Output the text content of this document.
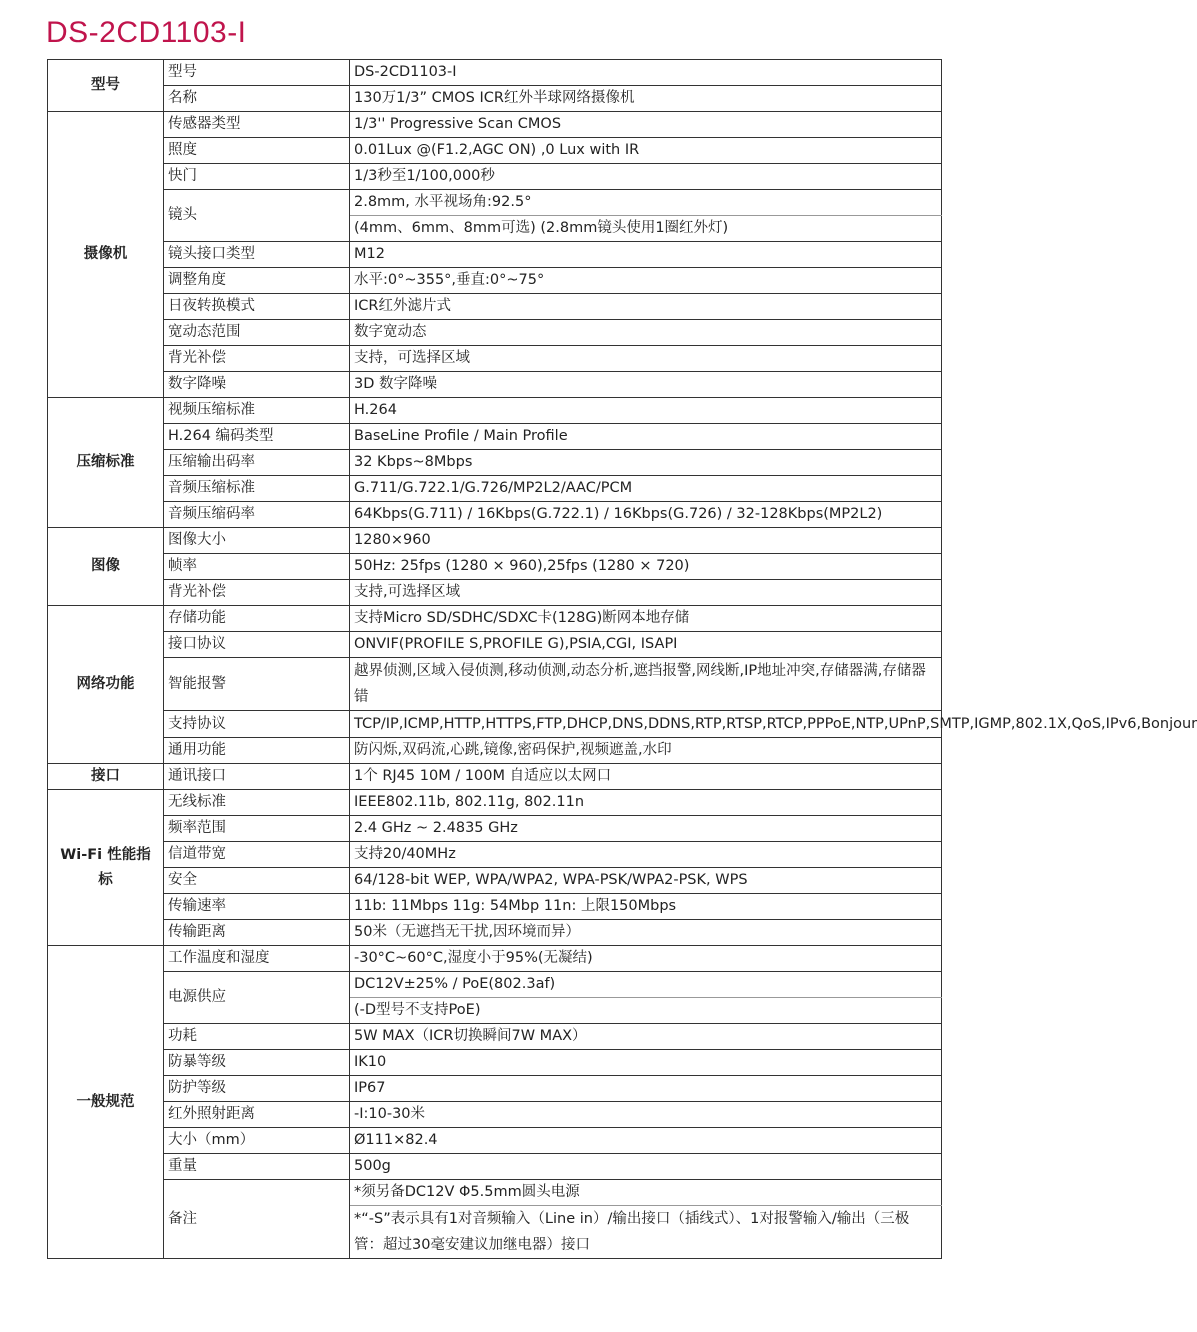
DS-2CD1103-I
型号	型号	DS-2CD1103-I
	名称	130万1/3” CMOS ICR红外半球网络摄像机
摄像机	传感器类型	1/3'' Progressive Scan CMOS
	照度	0.01Lux @(F1.2,AGC ON) ,0 Lux with IR
	快门	1/3秒至1/100,000秒
	镜头	2.8mm, 水平视场角:92.5°
		(4mm、6mm、8mm可选) (2.8mm镜头使用1圈红外灯)
	镜头接口类型	M12
	调整角度	水平:0°~355°,垂直:0°~75°
	日夜转换模式	ICR红外滤片式
	宽动态范围	数字宽动态
	背光补偿	支持，可选择区域
	数字降噪	3D 数字降噪
压缩标准	视频压缩标准	H.264
	H.264 编码类型	BaseLine Profile / Main Profile
	压缩输出码率	32 Kbps~8Mbps
	音频压缩标准	G.711/G.722.1/G.726/MP2L2/AAC/PCM
	音频压缩码率	64Kbps(G.711) / 16Kbps(G.722.1) / 16Kbps(G.726) / 32-128Kbps(MP2L2)
图像	图像大小	1280×960
	帧率	50Hz: 25fps (1280 × 960),25fps (1280 × 720)
	背光补偿	支持,可选择区域
网络功能	存储功能	支持Micro SD/SDHC/SDXC卡(128G)断网本地存储
	接口协议	ONVIF(PROFILE S,PROFILE G),PSIA,CGI, ISAPI
	智能报警	越界侦测,区域入侵侦测,移动侦测,动态分析,遮挡报警,网线断,IP地址冲突,存储器满,存储器错
	支持协议	TCP/IP,ICMP,HTTP,HTTPS,FTP,DHCP,DNS,DDNS,RTP,RTSP,RTCP,PPPoE,NTP,UPnP,SMTP,IGMP,802.1X,QoS,IPv6,Bonjour
	通用功能	防闪烁,双码流,心跳,镜像,密码保护,视频遮盖,水印
接口	通讯接口	1个 RJ45 10M / 100M 自适应以太网口
Wi-Fi 性能指标	无线标准	IEEE802.11b, 802.11g, 802.11n
	频率范围	2.4 GHz ~ 2.4835 GHz
	信道带宽	支持20/40MHz
	安全	64/128-bit WEP, WPA/WPA2, WPA-PSK/WPA2-PSK, WPS
	传输速率	11b: 11Mbps 11g: 54Mbp 11n: 上限150Mbps
	传输距离	50米（无遮挡无干扰,因环境而异）
一般规范	工作温度和湿度	-30°C~60°C,湿度小于95%(无凝结)
	电源供应	DC12V±25% / PoE(802.3af)
		(-D型号不支持PoE)
	功耗	5W MAX（ICR切换瞬间7W MAX）
	防暴等级	IK10
	防护等级	IP67
	红外照射距离	-I:10-30米
	大小（mm）	Ø111×82.4
	重量	500g
	备注	*须另备DC12V Φ5.5mm圆头电源
		*“-S”表示具有1对音频输入（Line in）/输出接口（插线式）、1对报警输入/输出（三极管：超过30毫安建议加继电器）接口
